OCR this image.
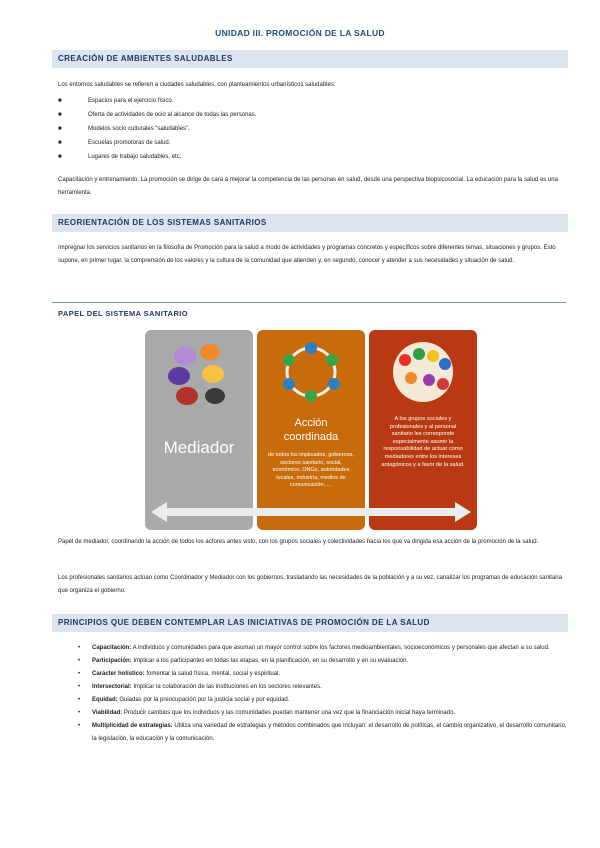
UNIDAD III. PROMOCIÓN DE LA SALUD
CREACIÓN DE AMBIENTES SALUDABLES
Los entornos saludables se refieren a ciudades saludables, con planteamientos urbanísticos saludables:
■	Espacios para el ejercicio físico.
■	Oferta de actividades de ocio al alcance de todas las personas.
■	Modelos socio culturales “saludables”.
■	Escuelas promotoras de salud.
■	Lugares de trabajo saludables, etc.
Capacitación y entrenamiento: La promoción se dirige de cara a mejorar la competencia de las personas en salud, desde una perspectiva biopsicosocial. La educación para la salud es una herramienta.
REORIENTACIÓN DE LOS SISTEMAS SANITARIOS
Impregnar los servicios sanitarios en la filosofía de Promoción para la salud a modo de actividades y programas concretos y específicos sobre diferentes temas, situaciones y grupos. Esto supone, en primer lugar, la comprensión de los valores y la cultura de la comunidad que atienden y, en segundo, conocer y atender a sus necesidades y situación de salud.
PAPEL DEL SISTEMA SANITARIO
Mediador
Acción coordinada
de todos los implicados, gobiernos, sectores sanitario, social, económico, ONGs, autoridades locales, industria, medios de comunicación, …
A los grupos sociales y profesionales y al personal sanitario les corresponde especialmente asumir la responsabilidad de actuar como mediadores entre los intereses antagónicos y a favor de la salud.
Papel de mediador, coordinando la acción de todos los actores antes visto, con los grupos sociales y colectividades hacia los que va dirigida esa acción de la promoción de la salud.
Los profesionales sanitarios actúan como Coordinador y Mediador con los gobiernos, trasladando las necesidades de la población y a su vez, canalizar los programas de educación sanitaria que organiza el gobierno.
PRINCIPIOS QUE DEBEN CONTEMPLAR LAS INICIATIVAS DE PROMOCIÓN DE LA SALUD
• Capacitación: A individuos y comunidades para que asuman un mayor control sobre los factores medioambientales, socioeconómicos y personales que afectan a su salud.
• Participación: Implicar a los participantes en todas las etapas, en la planificación, en su desarrollo y en su evaluación.
• Carácter holístico: fomentar la salud física, mental, social y espiritual.
• Intersectorial: Implicar la colaboración de las instituciones en los sectores relevantes.
• Equidad: Guiadas por la preocupación por la justicia social y por equidad.
• Viabilidad: Producir cambios que los individuos y las comunidades puedan mantener una vez que la financiación inicial haya terminado.
• Multiplicidad de estrategias: Utiliza una variedad de estrategias y métodos combinados que incluyan: el desarrollo de políticas, el cambio organizativo, el desarrollo comunitario, la legislación, la educación y la comunicación.
